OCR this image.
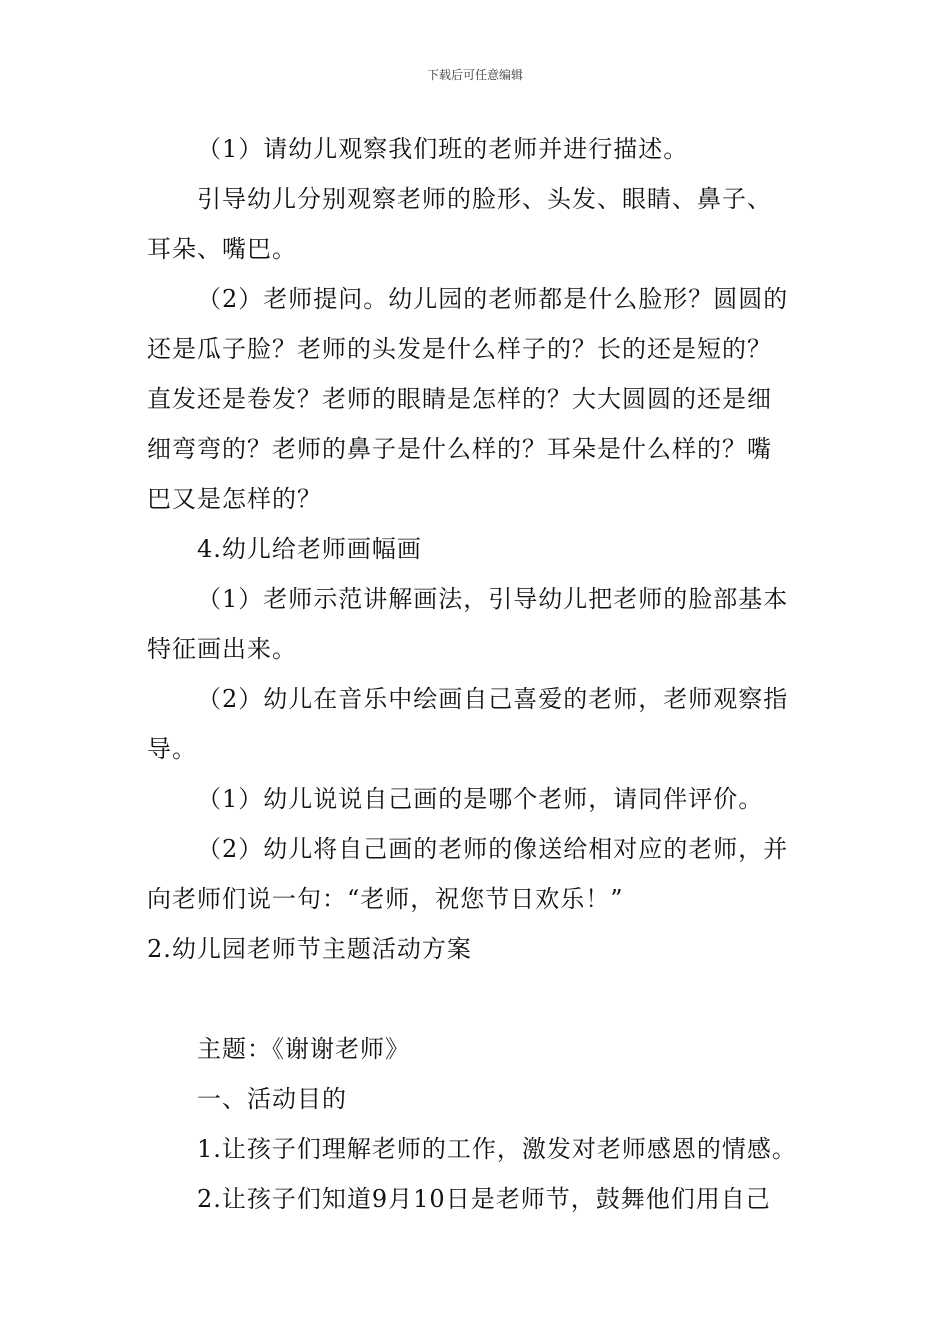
下载后可任意编辑
（1）请幼儿观察我们班的老师并进行描述。
引导幼儿分别观察老师的脸形、头发、眼睛、鼻子、
耳朵、嘴巴。
（2）老师提问。幼儿园的老师都是什么脸形？圆圆的
还是瓜子脸？老师的头发是什么样子的？长的还是短的？
直发还是卷发？老师的眼睛是怎样的？大大圆圆的还是细
细弯弯的？老师的鼻子是什么样的？耳朵是什么样的？嘴
巴又是怎样的？
4.幼儿给老师画幅画
（1）老师示范讲解画法，引导幼儿把老师的脸部基本
特征画出来。
（2）幼儿在音乐中绘画自己喜爱的老师，老师观察指
导。
（1）幼儿说说自己画的是哪个老师，请同伴评价。
（2）幼儿将自己画的老师的像送给相对应的老师，并
向老师们说一句：“老师，祝您节日欢乐！”
2.幼儿园老师节主题活动方案
主题：《谢谢老师》
一、活动目的
1.让孩子们理解老师的工作，激发对老师感恩的情感。
2.让孩子们知道9月10日是老师节，鼓舞他们用自己
